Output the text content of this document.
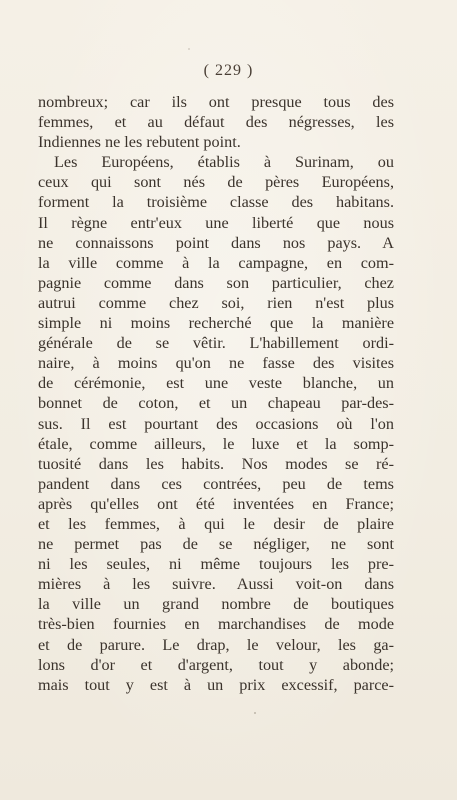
( 229 )
nombreux; car ils ont presque tous des
femmes, et au défaut des négresses, les
Indiennes ne les rebutent point.
Les Européens, établis à Surinam, ou
ceux qui sont nés de pères Européens,
forment la troisième classe des habitans.
Il règne entr'eux une liberté que nous
ne connaissons point dans nos pays. A
la ville comme à la campagne, en com-
pagnie comme dans son particulier, chez
autrui comme chez soi, rien n'est plus
simple ni moins recherché que la manière
générale de se vêtir. L'habillement ordi-
naire, à moins qu'on ne fasse des visites
de cérémonie, est une veste blanche, un
bonnet de coton, et un chapeau par-des-
sus. Il est pourtant des occasions où l'on
étale, comme ailleurs, le luxe et la somp-
tuosité dans les habits. Nos modes se ré-
pandent dans ces contrées, peu de tems
après qu'elles ont été inventées en France;
et les femmes, à qui le desir de plaire
ne permet pas de se négliger, ne sont
ni les seules, ni même toujours les pre-
mières à les suivre. Aussi voit-on dans
la ville un grand nombre de boutiques
très-bien fournies en marchandises de mode
et de parure. Le drap, le velour, les ga-
lons d'or et d'argent, tout y abonde;
mais tout y est à un prix excessif, parce-
